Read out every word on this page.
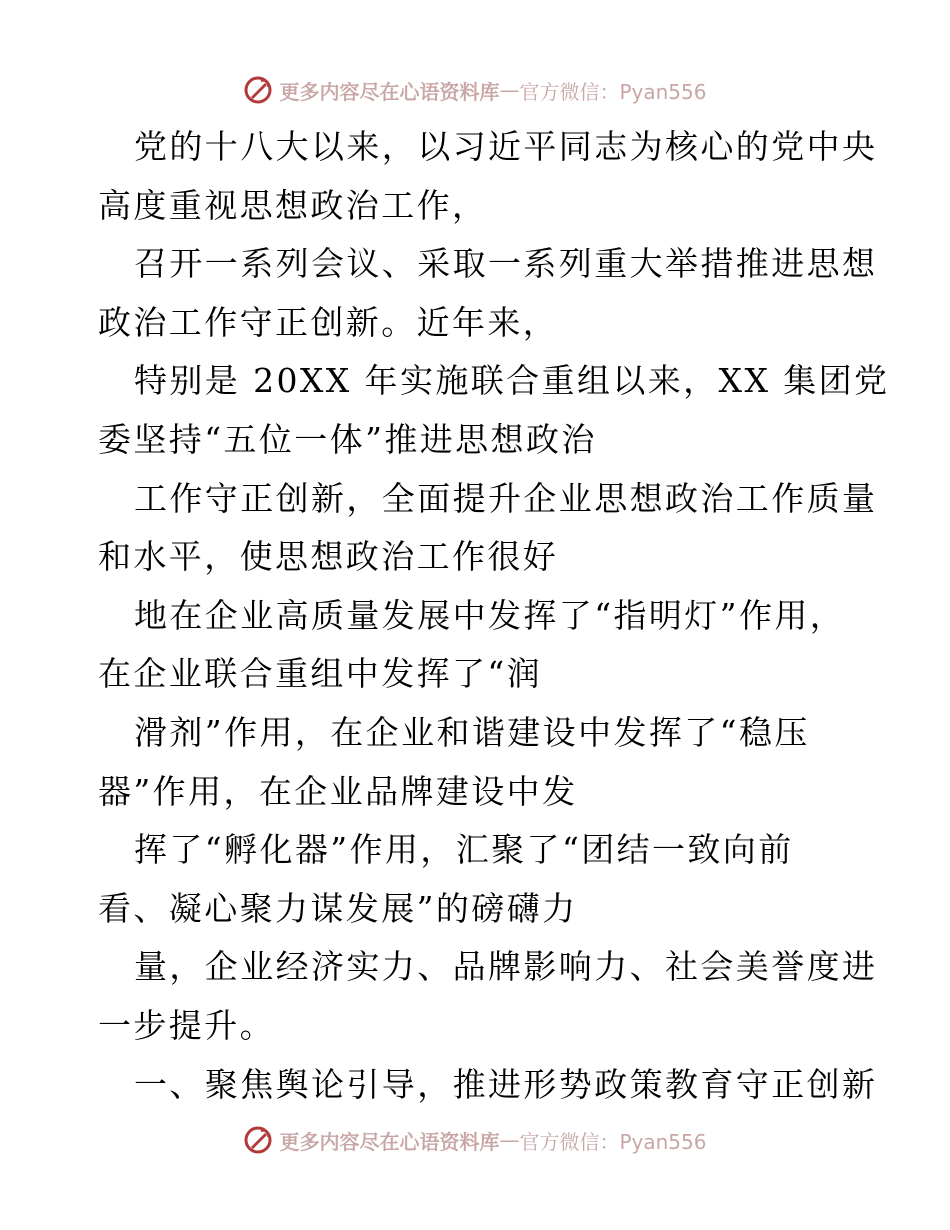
更多内容尽在心语资料库 — 官方微信：Pyan556
党的十八大以来，以习近平同志为核心的党中央
高度重视思想政治工作，
召开一系列会议、采取一系列重大举措推进思想
政治工作守正创新。近年来，
特别是 20XX 年实施联合重组以来，XX 集团党
委坚持“五位一体”推进思想政治
工作守正创新，全面提升企业思想政治工作质量
和水平，使思想政治工作很好
地在企业高质量发展中发挥了“指明灯”作用，
在企业联合重组中发挥了“润
滑剂”作用，在企业和谐建设中发挥了“稳压
器”作用，在企业品牌建设中发
挥了“孵化器”作用，汇聚了“团结一致向前
看、凝心聚力谋发展”的磅礴力
量，企业经济实力、品牌影响力、社会美誉度进
一步提升。
一、聚焦舆论引导，推进形势政策教育守正创新
更多内容尽在心语资料库 — 官方微信：Pyan556
